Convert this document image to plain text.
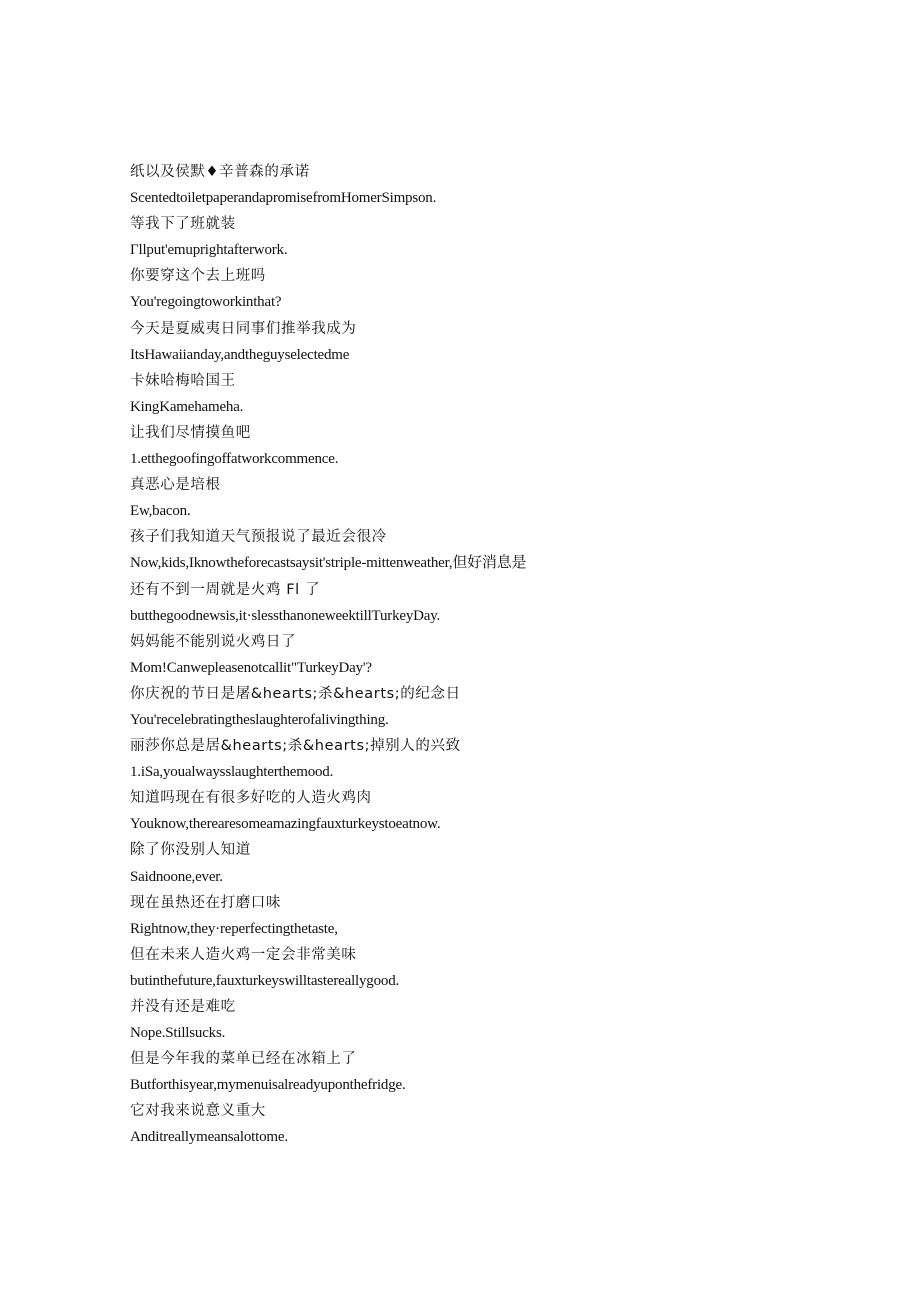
纸以及侯默♦辛普森的承诺
ScentedtoiletpaperandapromisefromHomerSimpson.
等我下了班就装
Γllput'emuprightafterwork.
你要穿这个去上班吗
You'regoingtoworkinthat?
今天是夏威夷日同事们推举我成为
ItsHawaiianday,andtheguyselectedme
卡妹哈梅哈国王
KingKamehameha.
让我们尽情摸鱼吧
1.etthegoofingoffatworkcommence.
真恶心是培根
Ew,bacon.
孩子们我知道天气预报说了最近会很冷
Now,kids,Iknowtheforecastsaysit'striple-mittenweather,但好消息是
还有不到一周就是火鸡 Fl 了
butthegoodnewsis,it·slessthanoneweektillTurkeyDay.
妈妈能不能别说火鸡日了
Mom!Canwepleasenotcallit"TurkeyDay'?
你庆祝的节日是屠&hearts;杀&hearts;的纪念日
You'recelebratingtheslaughterofalivingthing.
丽莎你总是居&hearts;杀&hearts;掉别人的兴致
1.iSa,youalwaysslaughterthemood.
知道吗现在有很多好吃的人造火鸡肉
Youknow,therearesomeamazingfauxturkeystoeatnow.
除了你没别人知道
Saidnoone,ever.
现在虽热还在打磨口味
Rightnow,they·reperfectingthetaste,
但在未来人造火鸡一定会非常美味
butinthefuture,fauxturkeyswilltastereallygood.
并没有还是难吃
Nope.Stillsucks.
但是今年我的菜单已经在冰箱上了
Butforthisyear,mymenuisalreadyuponthefridge.
它对我来说意义重大
Anditreallymeansalottome.
